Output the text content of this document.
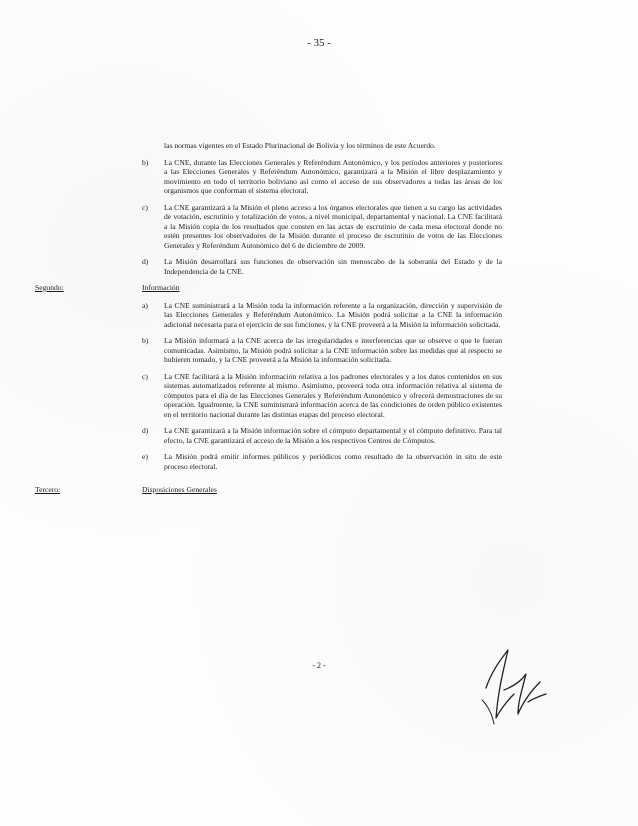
- 35 -

las normas vigentes en el Estado Plurinacional de Bolivia y los términos de este Acuerdo.

b)	La CNE, durante las Elecciones Generales y Referéndum Autonómico, y los períodos anteriores y posteriores a las Elecciones Generales y Referéndum Autonómico, garantizará a la Misión el libre desplazamiento y movimiento en todo el territorio boliviano así como el acceso de sus observadores a todas las áreas de los organismos que conforman el sistema electoral.
c)	La CNE garantizará a la Misión el pleno acceso a los órganos electorales que tienen a su cargo las actividades de votación, escrutinio y totalización de votos, a nivel municipal, departamental y nacional. La CNE facilitará a la Misión copia de los resultados que consten en las actas de escrutinio de cada mesa electoral donde no estén presentes los observadores de la Misión durante el proceso de escrutinio de votos de las Elecciones Generales y Referéndum Autonómico del 6 de diciembre de 2009.
d)	La Misión desarrollará sus funciones de observación sin menoscabo de la soberanía del Estado y de la Independencia de la CNE.
Segundo:	Información
a)	La CNE suministrará a la Misión toda la información referente a la organización, dirección y supervisión de las Elecciones Generales y Referéndum Autonómico. La Misión podrá solicitar a la CNE la información adicional necesaria para el ejercicio de sus funciones, y la CNE proveerá a la Misión la información solicitada.
b)	La Misión informará a la CNE acerca de las irregularidades e interferencias que se observe o que le fueran comunicadas. Asimismo, la Misión podrá solicitar a la CNE información sobre las medidas que al respecto se hubieren tomado, y la CNE proveerá a la Misión la información solicitada.
c)	La CNE facilitará a la Misión información relativa a los padrones electorales y a los datos contenidos en sus sistemas automatizados referente al mismo. Asimismo, proveerá toda otra información relativa al sistema de cómputos para el día de las Elecciones Generales y Referéndum Autonómico y ofrecerá demostraciones de su operación. Igualmente, la CNE suministrará información acerca de las condiciones de orden público existentes en el territorio nacional durante las distintas etapas del proceso electoral.
d)	La CNE garantizará a la Misión información sobre el cómputo departamental y el cómputo definitivo. Para tal efecto, la CNE garantizará el acceso de la Misión a los respectivos Centros de Cómputos.
e)	La Misión podrá emitir informes públicos y periódicos como resultado de la observación in situ de este proceso electoral.
Tercero:	Disposiciones Generales
- 2 -
